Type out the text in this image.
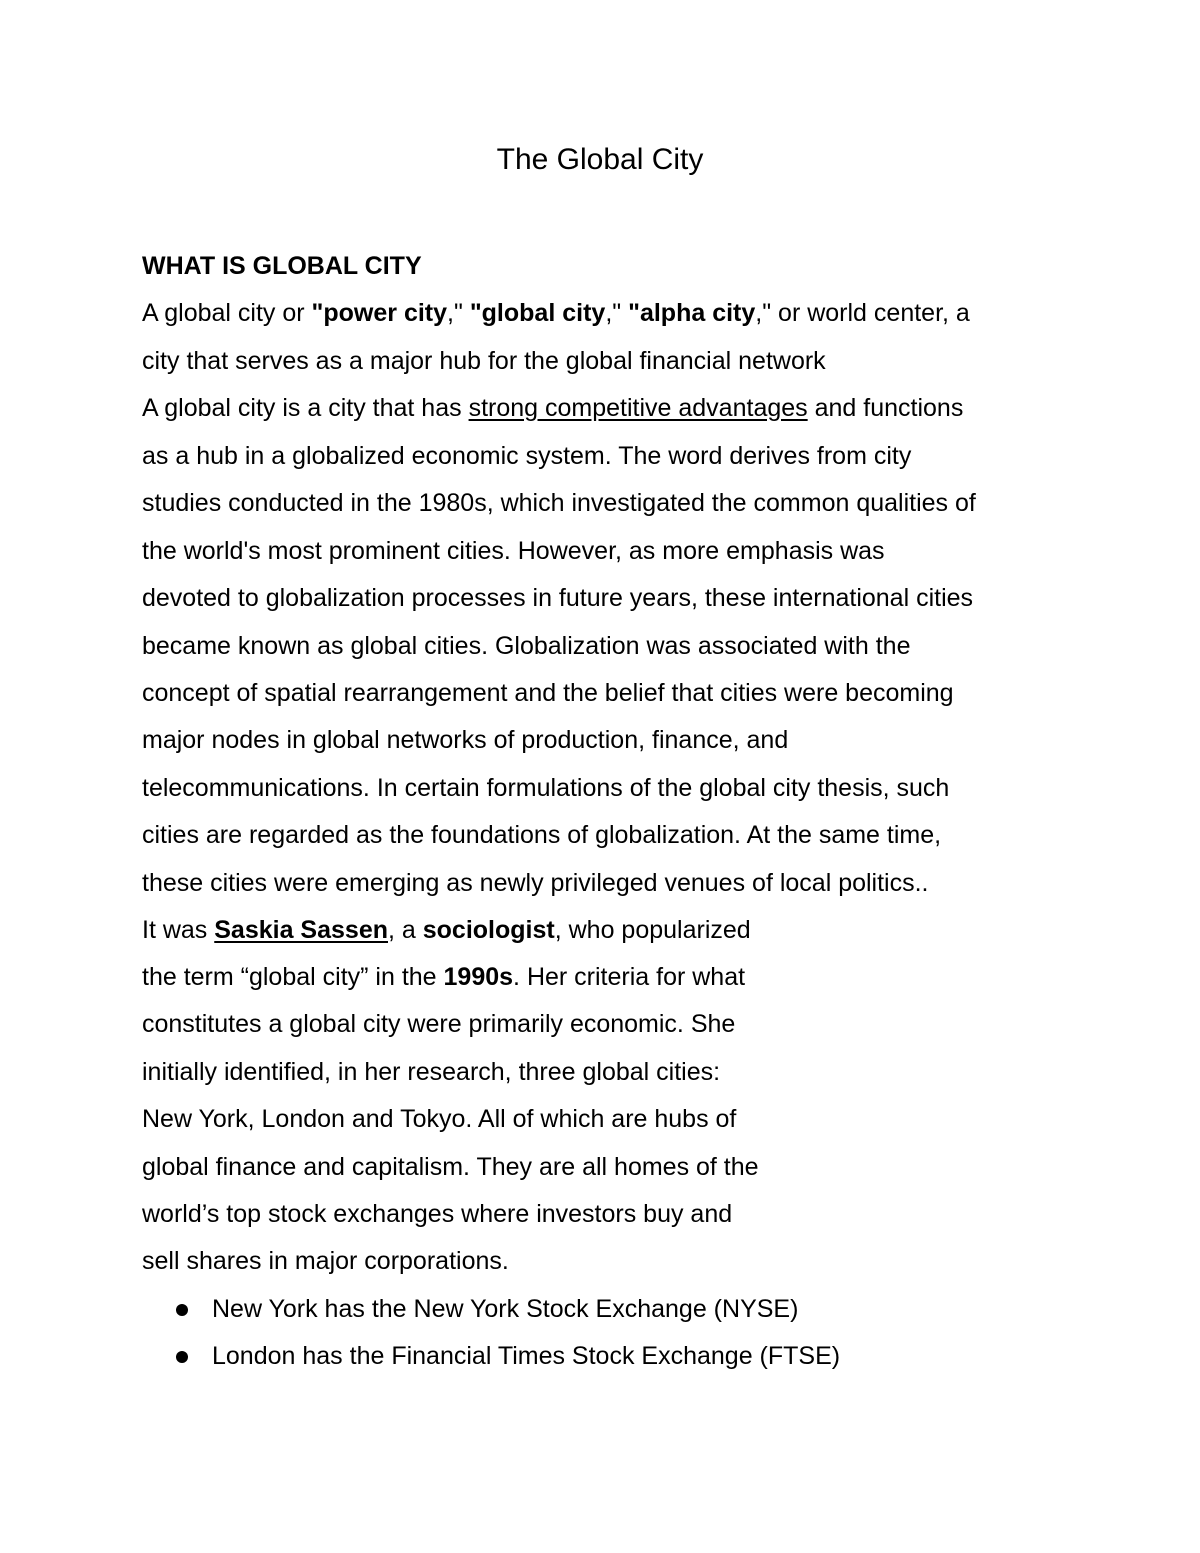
The Global City

WHAT IS GLOBAL CITY

A global city or "power city," "global city," "alpha city," or world center, a

city that serves as a major hub for the global financial network

A global city is a city that has strong competitive advantages and functions

as a hub in a globalized economic system. The word derives from city

studies conducted in the 1980s, which investigated the common qualities of

the world's most prominent cities. However, as more emphasis was

devoted to globalization processes in future years, these international cities

became known as global cities. Globalization was associated with the

concept of spatial rearrangement and the belief that cities were becoming

major nodes in global networks of production, finance, and

telecommunications. In certain formulations of the global city thesis, such

cities are regarded as the foundations of globalization. At the same time,

these cities were emerging as newly privileged venues of local politics..

It was Saskia Sassen, a sociologist, who popularized

the term “global city” in the 1990s. Her criteria for what

constitutes a global city were primarily economic. She

initially identified, in her research, three global cities:

New York, London and Tokyo. All of which are hubs of

global finance and capitalism. They are all homes of the

world’s top stock exchanges where investors buy and

sell shares in major corporations.

New York has the New York Stock Exchange (NYSE)

London has the Financial Times Stock Exchange (FTSE)
